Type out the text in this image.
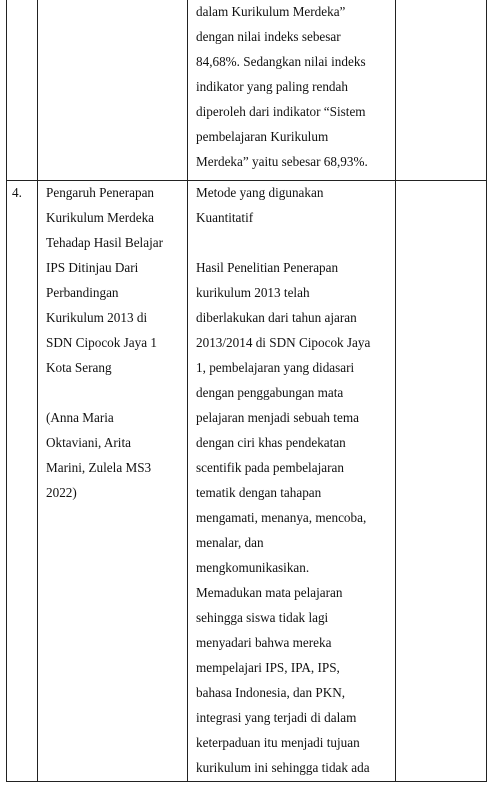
dalam Kurikulum Merdeka”
dengan nilai indeks sebesar
84,68%. Sedangkan nilai indeks
indikator yang paling rendah
diperoleh dari indikator “Sistem
pembelajaran Kurikulum
Merdeka” yaitu sebesar 68,93%.
4. Pengaruh Penerapan
Kurikulum Merdeka
Tehadap Hasil Belajar
IPS Ditinjau Dari
Perbandingan
Kurikulum 2013 di
SDN Cipocok Jaya 1
Kota Serang
(Anna Maria
Oktaviani, Arita
Marini, Zulela MS3
2022)
Metode yang digunakan
Kuantitatif
Hasil Penelitian Penerapan
kurikulum 2013 telah
diberlakukan dari tahun ajaran
2013/2014 di SDN Cipocok Jaya
1, pembelajaran yang didasari
dengan penggabungan mata
pelajaran menjadi sebuah tema
dengan ciri khas pendekatan
scentifik pada pembelajaran
tematik dengan tahapan
mengamati, menanya, mencoba,
menalar, dan
mengkomunikasikan.
Memadukan mata pelajaran
sehingga siswa tidak lagi
menyadari bahwa mereka
mempelajari IPS, IPA, IPS,
bahasa Indonesia, dan PKN,
integrasi yang terjadi di dalam
keterpaduan itu menjadi tujuan
kurikulum ini sehingga tidak ada
